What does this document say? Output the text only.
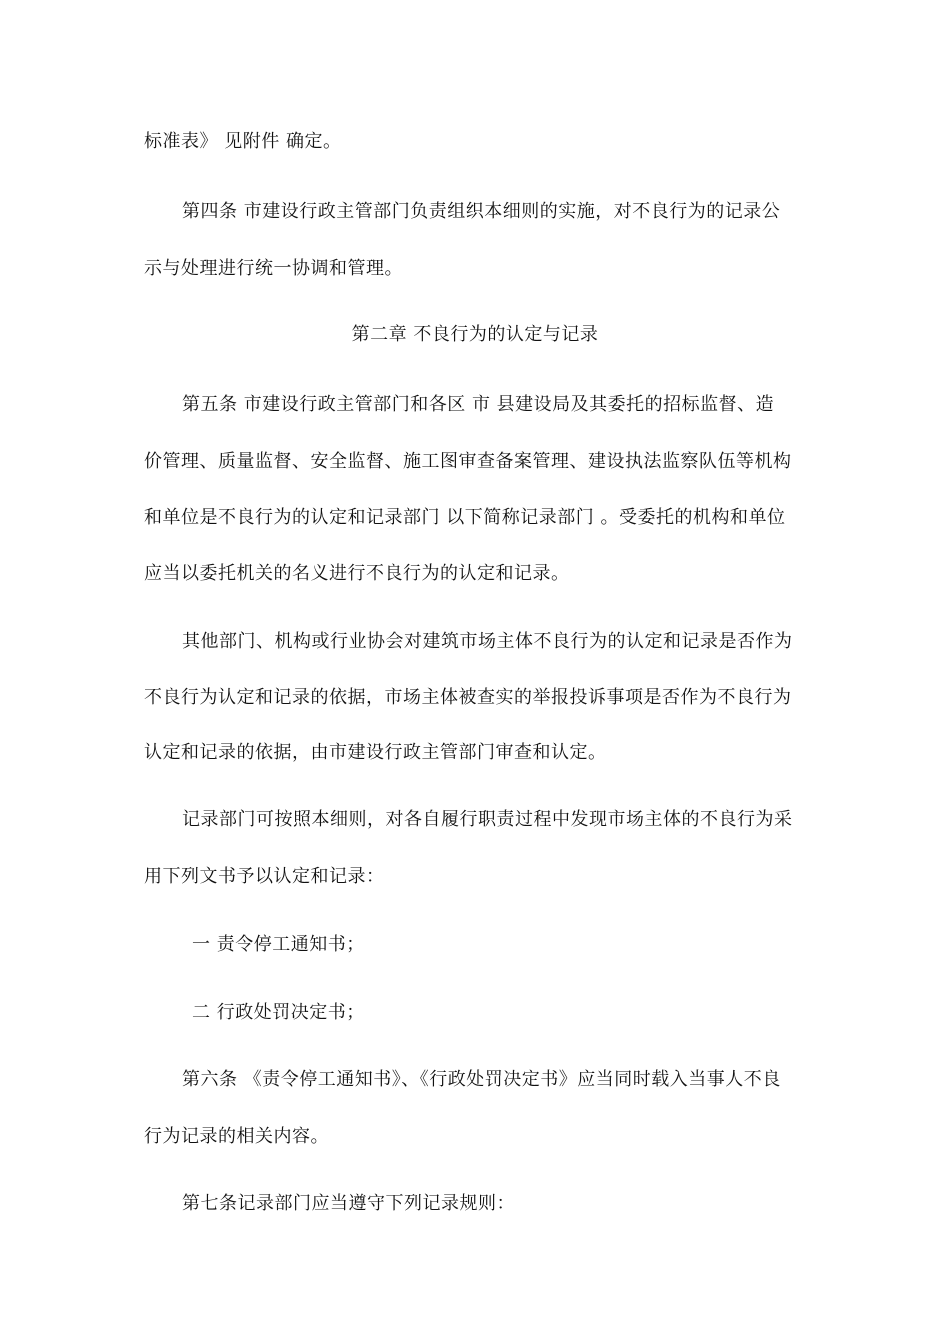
标准表》 见附件 确定。
第四条 市建设行政主管部门负责组织本细则的实施，对不良行为的记录公
示与处理进行统一协调和管理。
第二章 不良行为的认定与记录
第五条 市建设行政主管部门和各区 市 县建设局及其委托的招标监督、造
价管理、质量监督、安全监督、施工图审查备案管理、建设执法监察队伍等机构
和单位是不良行为的认定和记录部门 以下简称记录部门 。受委托的机构和单位
应当以委托机关的名义进行不良行为的认定和记录。
其他部门、机构或行业协会对建筑市场主体不良行为的认定和记录是否作为
不良行为认定和记录的依据，市场主体被查实的举报投诉事项是否作为不良行为
认定和记录的依据，由市建设行政主管部门审查和认定。
记录部门可按照本细则，对各自履行职责过程中发现市场主体的不良行为采
用下列文书予以认定和记录：
一 责令停工通知书；
二 行政处罚决定书；
第六条 《责令停工通知书》、《行政处罚决定书》应当同时载入当事人不良
行为记录的相关内容。
第七条记录部门应当遵守下列记录规则：
